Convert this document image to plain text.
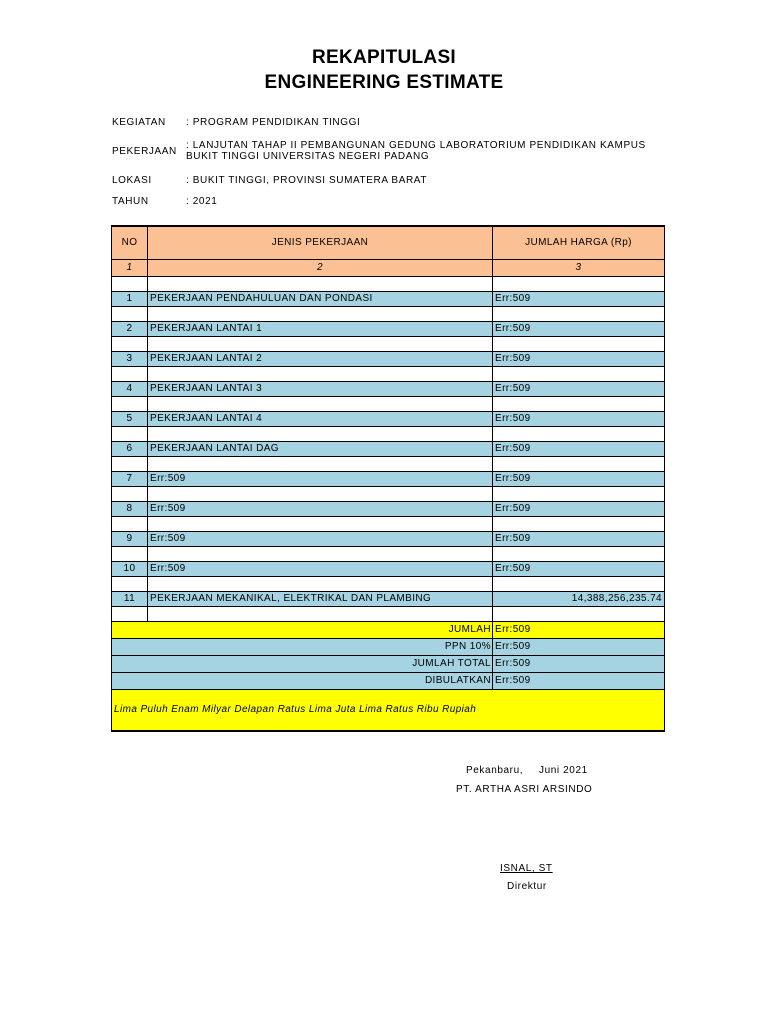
REKAPITULASI
ENGINEERING ESTIMATE
KEGIATAN : PROGRAM PENDIDIKAN TINGGI
PEKERJAAN
: LANJUTAN TAHAP II PEMBANGUNAN GEDUNG LABORATORIUM PENDIDIKAN KAMPUS
BUKIT TINGGI UNIVERSITAS NEGERI PADANG
LOKASI	: BUKIT TINGGI, PROVINSI SUMATERA BARAT
TAHUN	: 2021
NO	JENIS PEKERJAAN	JUMLAH HARGA (Rp)
1	2	3

1	PEKERJAAN PENDAHULUAN DAN PONDASI	Err:509

2	PEKERJAAN LANTAI 1	Err:509

3	PEKERJAAN LANTAI 2	Err:509

4	PEKERJAAN LANTAI 3	Err:509

5	PEKERJAAN LANTAI 4	Err:509

6	PEKERJAAN LANTAI DAG	Err:509

7	Err:509	Err:509

8	Err:509	Err:509

9	Err:509	Err:509

10	Err:509	Err:509

11	PEKERJAAN MEKANIKAL, ELEKTRIKAL DAN PLAMBING	14,388,256,235.74

JUMLAH		Err:509
PPN 10%		Err:509
JUMLAH TOTAL		Err:509
DIBULATKAN		Err:509
Lima Puluh Enam Milyar Delapan Ratus Lima Juta Lima Ratus Ribu Rupiah		
Pekanbaru, Juni 2021
PT. ARTHA ASRI ARSINDO
ISNAL, ST
Direktur
